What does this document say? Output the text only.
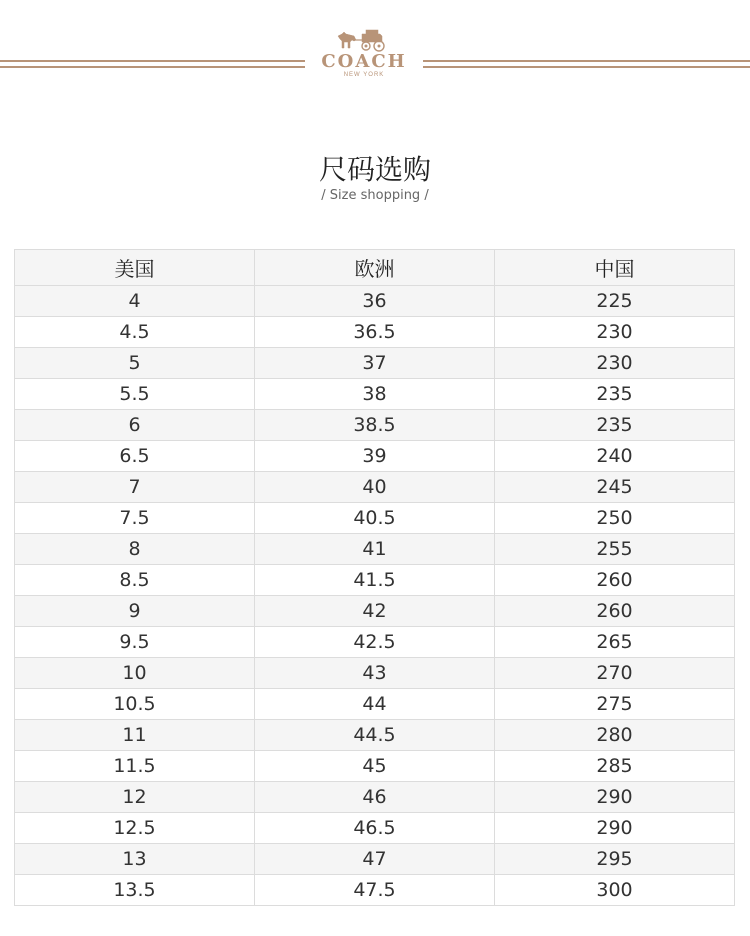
COACH
NEW YORK
尺码选购
/ Size shopping /
美国	欧洲	中国
4	36	225
4.5	36.5	230
5	37	230
5.5	38	235
6	38.5	235
6.5	39	240
7	40	245
7.5	40.5	250
8	41	255
8.5	41.5	260
9	42	260
9.5	42.5	265
10	43	270
10.5	44	275
11	44.5	280
11.5	45	285
12	46	290
12.5	46.5	290
13	47	295
13.5	47.5	300
